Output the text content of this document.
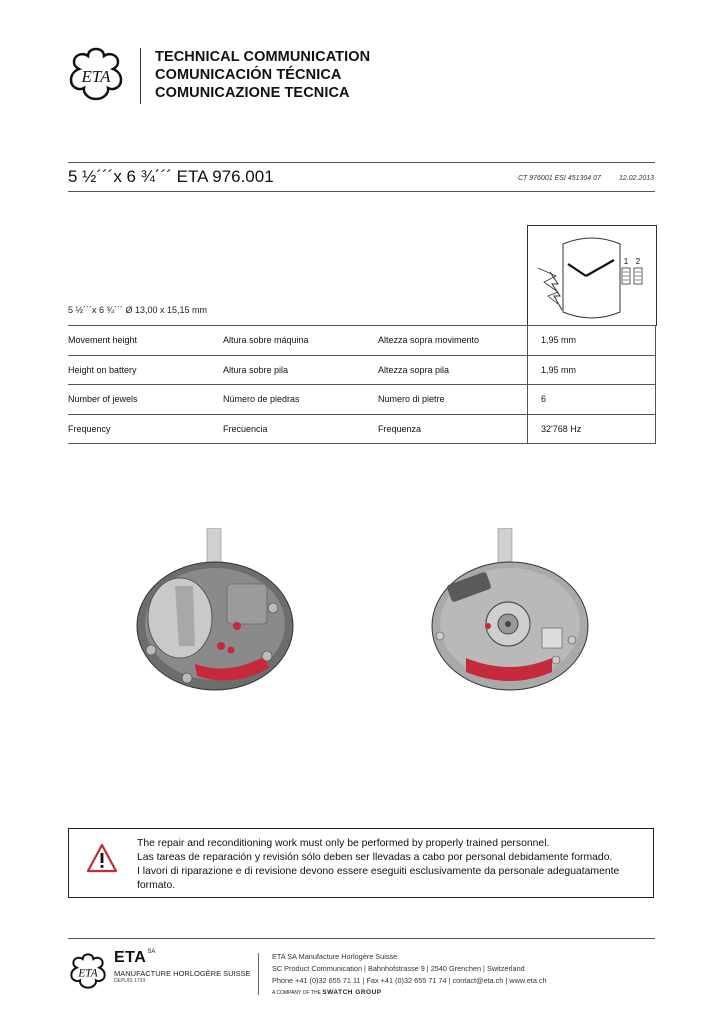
ETA
TECHNICAL COMMUNICATION
COMUNICACIÓN TÉCNICA
COMUNICAZIONE TECNICA
5 ½´´´x 6 ¾´´´ ETA 976.001	CT 976001 ESI 451304 07	12.02.2013
1 2
5 ½´´´x 6 ¾´´´ Ø 13,00 x 15,15 mm
Movement height	Altura sobre máquina	Altezza sopra movimento	1,95 mm
Height on battery	Altura sobre pila	Altezza sopra pila	1,95 mm
Number of jewels	Número de piedras	Numero di pietre	6
Frequency	Frecuencia	Frequenza	32'768 Hz
The repair and reconditioning work must only be performed by properly trained personnel.
Las tareas de reparación y revisión sólo deben ser llevadas a cabo por personal debidamente formado.
I lavori di riparazione e di revisione devono essere eseguiti esclusivamente da personale adeguatamente formato.
ETA
$ETA^{SA}$
MANUFACTURE HORLOGÈRE SUISSE
DEPUIS 1793
ETA SA Manufacture Horlogère Suisse
SC Product Communication | Bahnhofstrasse 9 | 2540 Grenchen | Switzerland
Phone +41 (0)32 655 71 11 | Fax +41 (0)32 655 71 74 | contact@eta.ch | www.eta.ch
A COMPANY OF THE SWATCH GROUP
